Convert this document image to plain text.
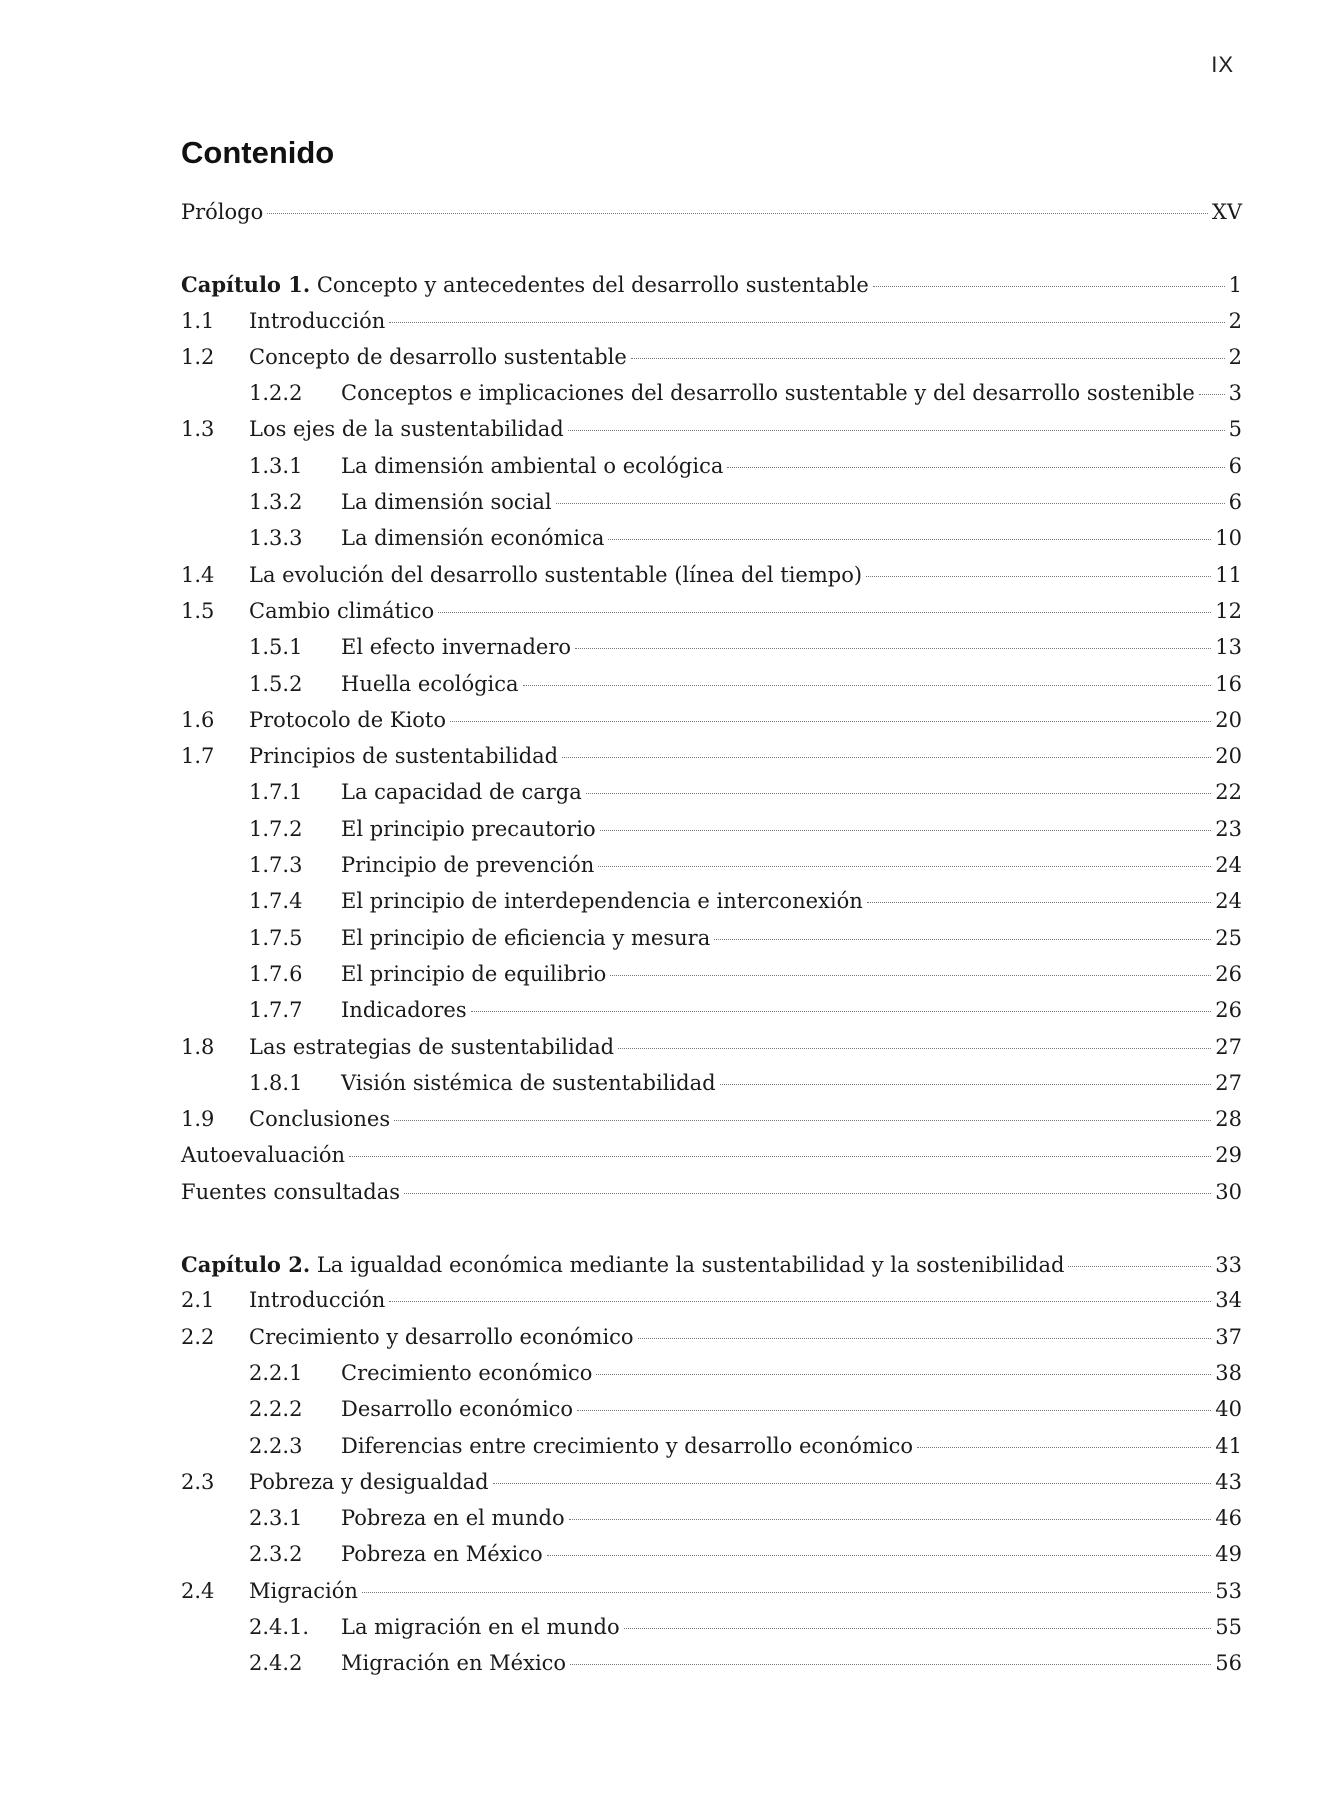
IX
Contenido
Prólogo	XV
Capítulo 1. Concepto y antecedentes del desarrollo sustentable	1
1.1	Introducción	2
1.2	Concepto de desarrollo sustentable	2
1.2.2	Conceptos e implicaciones del desarrollo sustentable y del desarrollo sostenible 3
1.3	Los ejes de la sustentabilidad	5
1.3.1	La dimensión ambiental o ecológica	6
1.3.2	La dimensión social	6
1.3.3	La dimensión económica	10
1.4	La evolución del desarrollo sustentable (línea del tiempo)	11
1.5	Cambio climático	12
1.5.1	El efecto invernadero	13
1.5.2	Huella ecológica	16
1.6	Protocolo de Kioto	20
1.7	Principios de sustentabilidad	20
1.7.1	La capacidad de carga	22
1.7.2	El principio precautorio	23
1.7.3	Principio de prevención	24
1.7.4	El principio de interdependencia e interconexión	24
1.7.5	El principio de eficiencia y mesura	25
1.7.6	El principio de equilibrio	26
1.7.7	Indicadores	26
1.8	Las estrategias de sustentabilidad	27
1.8.1	Visión sistémica de sustentabilidad	27
1.9	Conclusiones	28
Autoevaluación	29
Fuentes consultadas	30
Capítulo 2. La igualdad económica mediante la sustentabilidad y la sostenibilidad	33
2.1	Introducción	34
2.2	Crecimiento y desarrollo económico	37
2.2.1	Crecimiento económico	38
2.2.2	Desarrollo económico	40
2.2.3	Diferencias entre crecimiento y desarrollo económico	41
2.3	Pobreza y desigualdad	43
2.3.1	Pobreza en el mundo	46
2.3.2	Pobreza en México	49
2.4	Migración	53
2.4.1.	La migración en el mundo	55
2.4.2	Migración en México	56
